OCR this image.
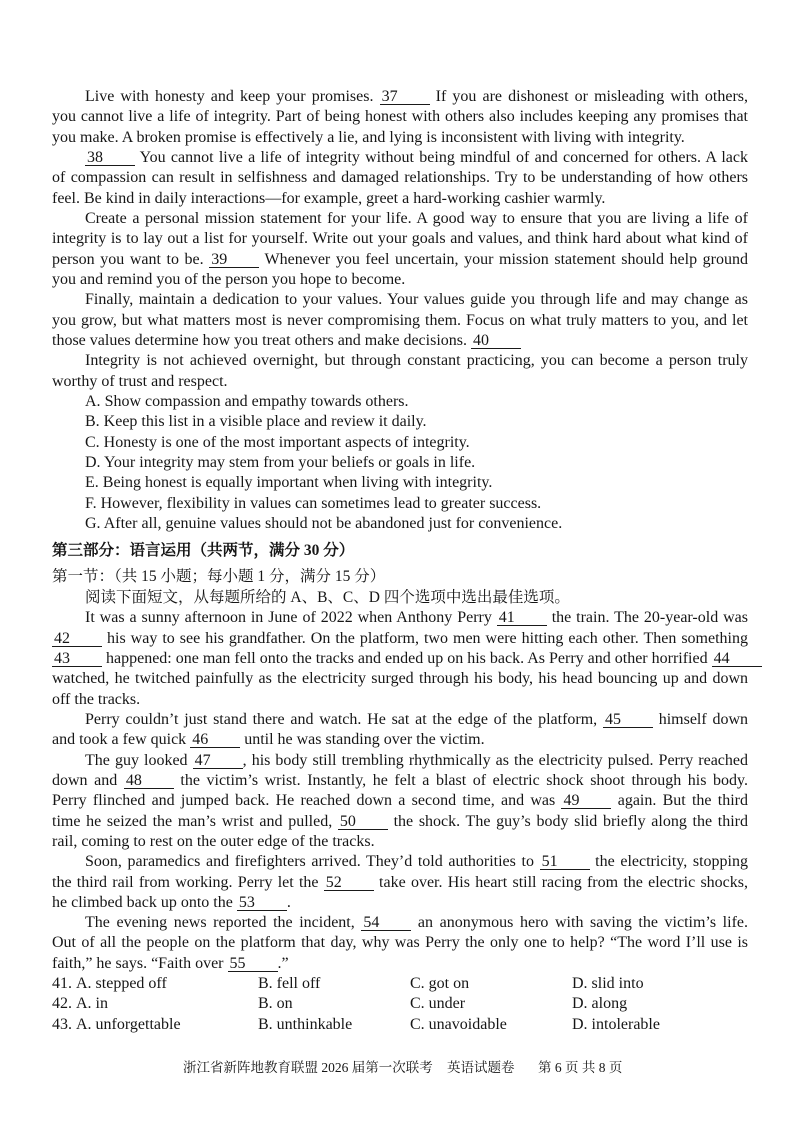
Live with honesty and keep your promises. 37 If you are dishonest or misleading with others,
you cannot live a life of integrity. Part of being honest with others also includes keeping any promises that
you make. A broken promise is effectively a lie, and lying is inconsistent with living with integrity.
38 You cannot live a life of integrity without being mindful of and concerned for others. A lack
of compassion can result in selfishness and damaged relationships. Try to be understanding of how others
feel. Be kind in daily interactions—for example, greet a hard-working cashier warmly.
Create a personal mission statement for your life. A good way to ensure that you are living a life of
integrity is to lay out a list for yourself. Write out your goals and values, and think hard about what kind of
person you want to be. 39 Whenever you feel uncertain, your mission statement should help ground
you and remind you of the person you hope to become.
Finally, maintain a dedication to your values. Your values guide you through life and may change as
you grow, but what matters most is never compromising them. Focus on what truly matters to you, and let
those values determine how you treat others and make decisions. 40
Integrity is not achieved overnight, but through constant practicing, you can become a person truly
worthy of trust and respect.
A. Show compassion and empathy towards others.
B. Keep this list in a visible place and review it daily.
C. Honesty is one of the most important aspects of integrity.
D. Your integrity may stem from your beliefs or goals in life.
E. Being honest is equally important when living with integrity.
F. However, flexibility in values can sometimes lead to greater success.
G. After all, genuine values should not be abandoned just for convenience.
第三部分：语言运用（共两节，满分 30 分）
第一节：（共 15 小题；每小题 1 分，满分 15 分）
阅读下面短文，从每题所给的 A、B、C、D 四个选项中选出最佳选项。
It was a sunny afternoon in June of 2022 when Anthony Perry 41 the train. The 20-year-old was
42 his way to see his grandfather. On the platform, two men were hitting each other. Then something
43 happened: one man fell onto the tracks and ended up on his back. As Perry and other horrified 44
watched, he twitched painfully as the electricity surged through his body, his head bouncing up and down
off the tracks.
Perry couldn’t just stand there and watch. He sat at the edge of the platform, 45 himself down
and took a few quick 46 until he was standing over the victim.
The guy looked 47 , his body still trembling rhythmically as the electricity pulsed. Perry reached
down and 48 the victim’s wrist. Instantly, he felt a blast of electric shock shoot through his body.
Perry flinched and jumped back. He reached down a second time, and was 49 again. But the third
time he seized the man’s wrist and pulled, 50 the shock. The guy’s body slid briefly along the third
rail, coming to rest on the outer edge of the tracks.
Soon, paramedics and firefighters arrived. They’d told authorities to 51 the electricity, stopping
the third rail from working. Perry let the 52 take over. His heart still racing from the electric shocks,
he climbed back up onto the 53 .
The evening news reported the incident, 54 an anonymous hero with saving the victim’s life.
Out of all the people on the platform that day, why was Perry the only one to help? “The word I’ll use is
faith,” he says. “Faith over 55 .”
41. A. stepped off	B. fell off	C. got on	D. slid into
42. A. in	B. on	C. under	D. along
43. A. unforgettable	B. unthinkable	C. unavoidable	D. intolerable
浙江省新阵地教育联盟 2026 届第一次联考 英语试题卷 第 6 页 共 8 页
